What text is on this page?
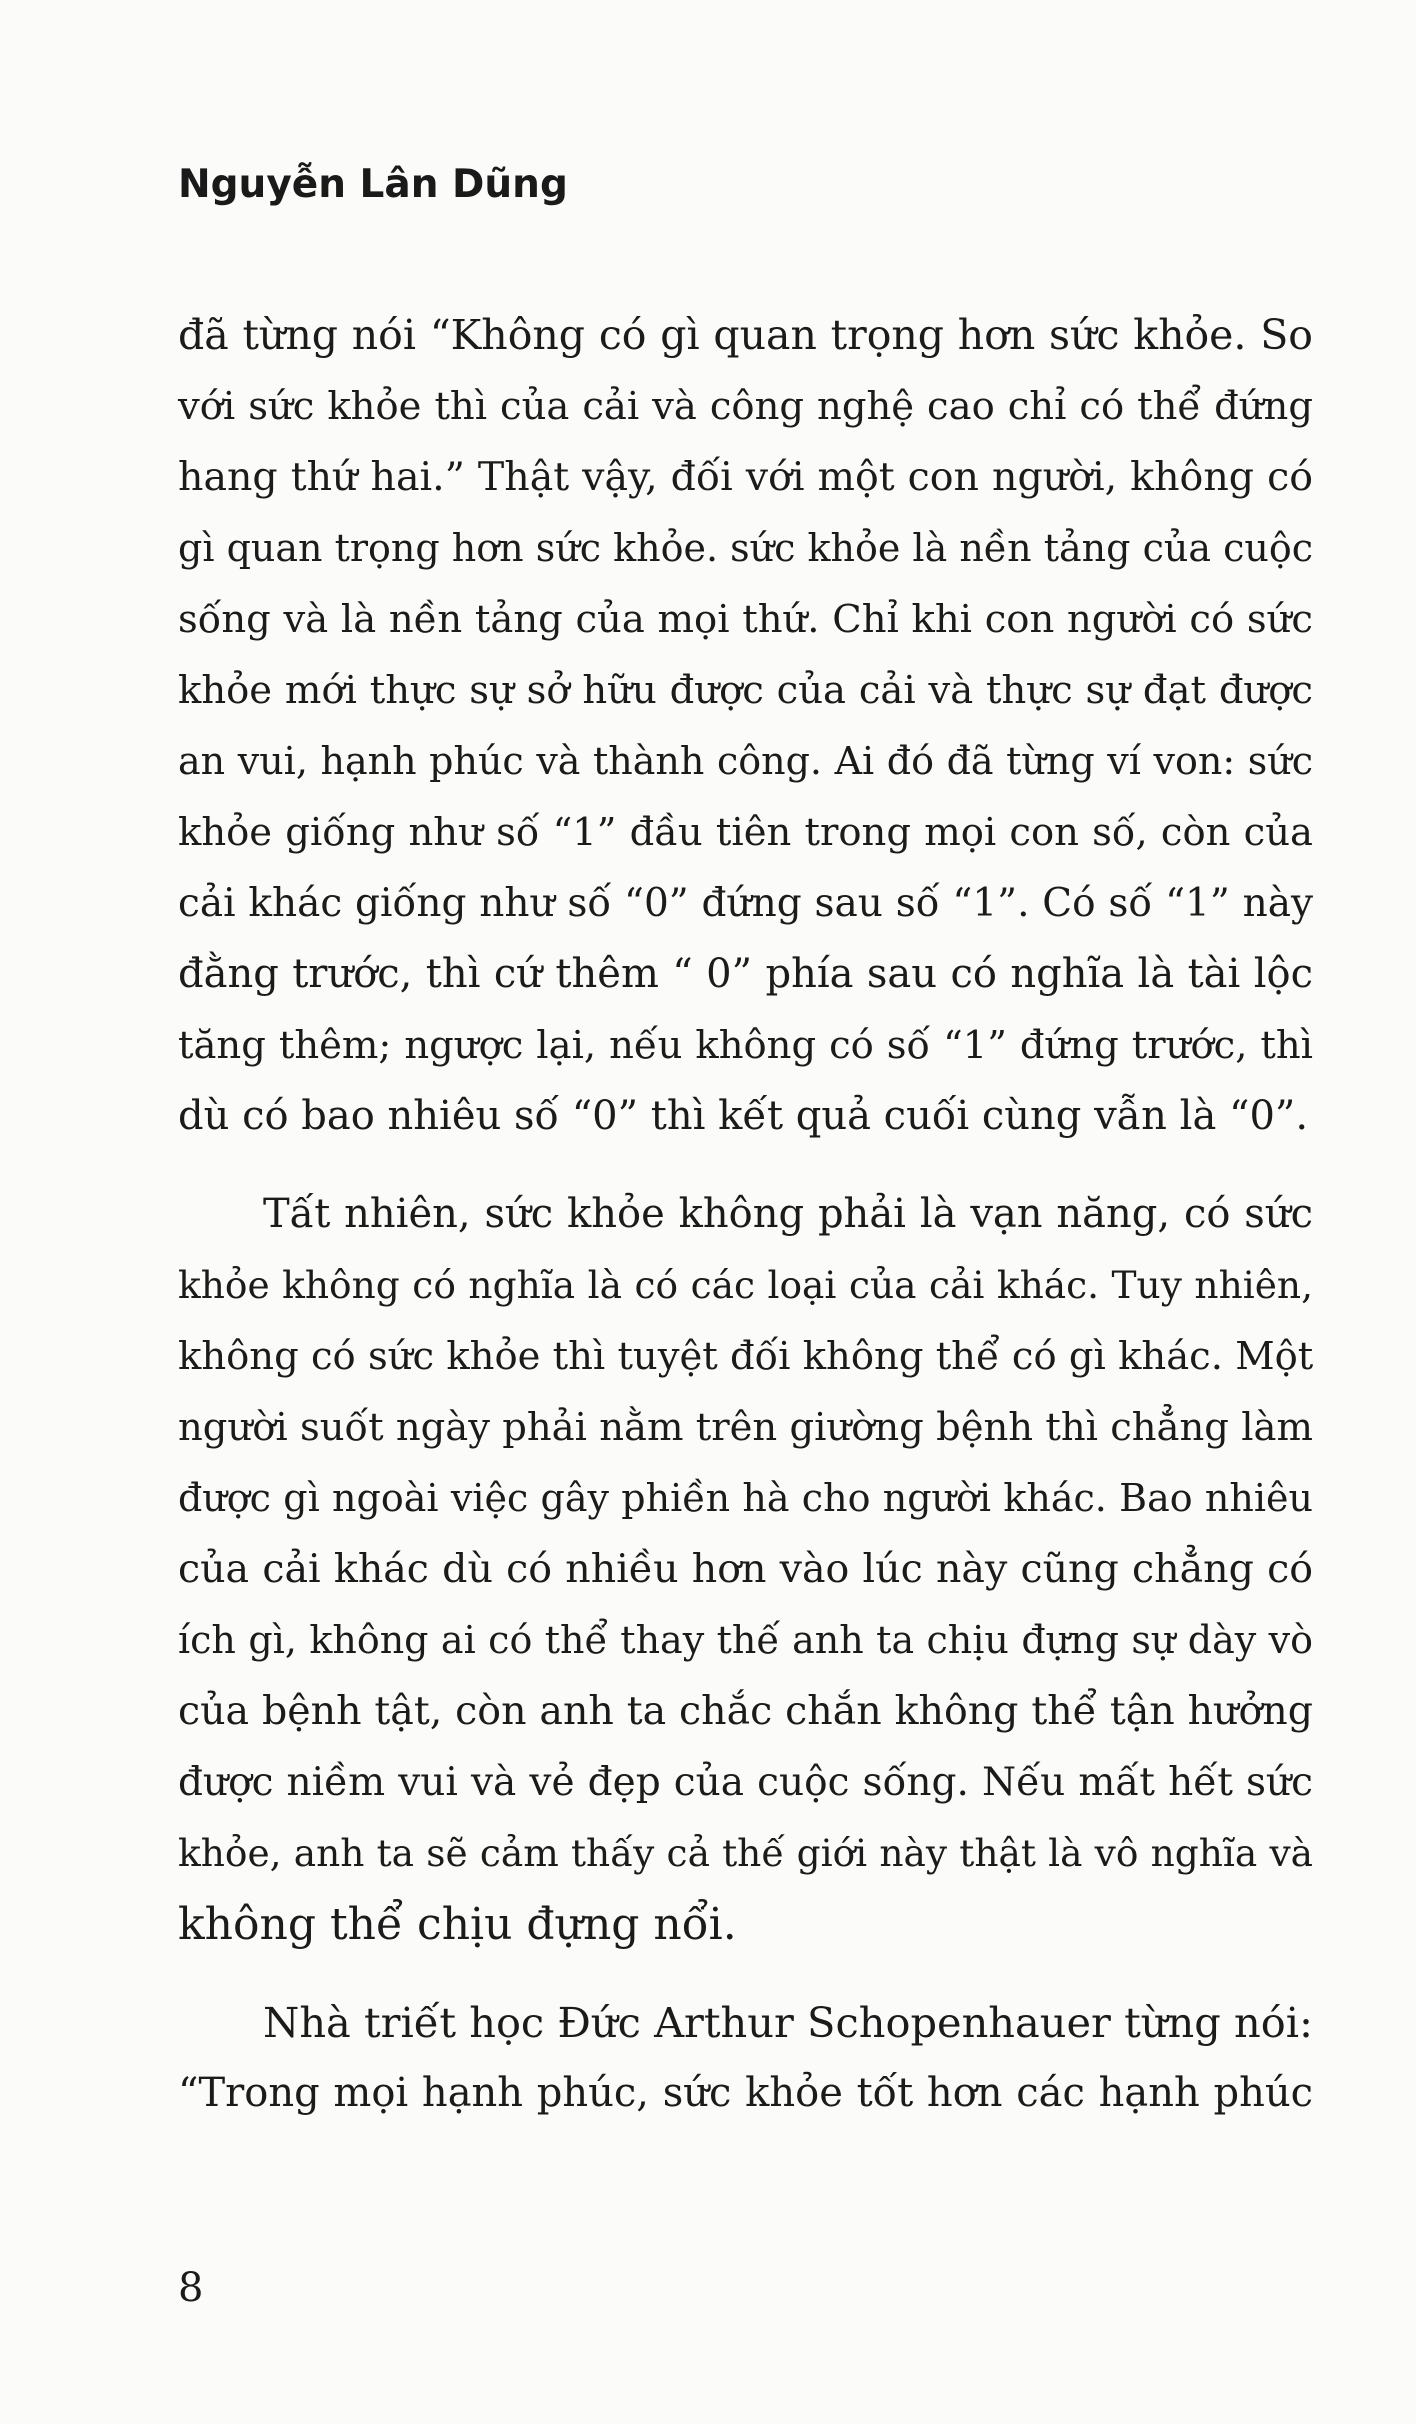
Nguyễn Lân Dũng
đã từng nói “Không có gì quan trọng hơn sức khỏe. So
với sức khỏe thì của cải và công nghệ cao chỉ có thể đứng
hang thứ hai.” Thật vậy, đối với một con người, không có
gì quan trọng hơn sức khỏe. sức khỏe là nền tảng của cuộc
sống và là nền tảng của mọi thứ. Chỉ khi con người có sức
khỏe mới thực sự sở hữu được của cải và thực sự đạt được
an vui, hạnh phúc và thành công. Ai đó đã từng ví von: sức
khỏe giống như số “1” đầu tiên trong mọi con số, còn của
cải khác giống như số “0” đứng sau số “1”. Có số “1” này
đằng trước, thì cứ thêm “ 0” phía sau có nghĩa là tài lộc
tăng thêm; ngược lại, nếu không có số “1” đứng trước, thì
dù có bao nhiêu số “0” thì kết quả cuối cùng vẫn là “0”.
Tất nhiên, sức khỏe không phải là vạn năng, có sức
khỏe không có nghĩa là có các loại của cải khác. Tuy nhiên,
không có sức khỏe thì tuyệt đối không thể có gì khác. Một
người suốt ngày phải nằm trên giường bệnh thì chẳng làm
được gì ngoài việc gây phiền hà cho người khác. Bao nhiêu
của cải khác dù có nhiều hơn vào lúc này cũng chẳng có
ích gì, không ai có thể thay thế anh ta chịu đựng sự dày vò
của bệnh tật, còn anh ta chắc chắn không thể tận hưởng
được niềm vui và vẻ đẹp của cuộc sống. Nếu mất hết sức
khỏe, anh ta sẽ cảm thấy cả thế giới này thật là vô nghĩa và
không thể chịu đựng nổi.
Nhà triết học Đức Arthur Schopenhauer từng nói:
“Trong mọi hạnh phúc, sức khỏe tốt hơn các hạnh phúc
8
